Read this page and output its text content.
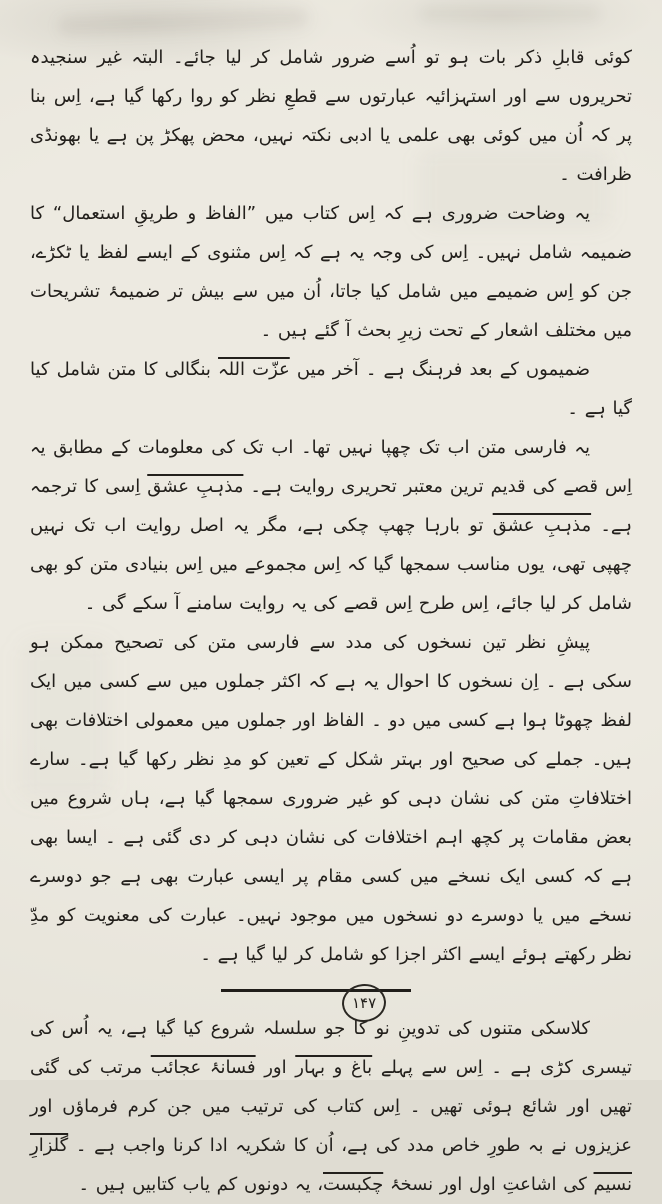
کوئی قابلِ ذکر بات ہو تو اُسے ضرور شامل کر لیا جائے۔ البتہ غیر سنجیدہ تحریروں سے اور استہزائیہ عبارتوں سے قطعِ نظر کو روا رکھا گیا ہے، اِس بنا پر کہ اُن میں کوئی بھی علمی یا ادبی نکتہ نہیں، محض پھکڑ پن ہے یا بھونڈی ظرافت ۔

یہ وضاحت ضروری ہے کہ اِس کتاب میں ”الفاظ و طریقِ استعمال“ کا ضمیمہ شامل نہیں۔ اِس کی وجہ یہ ہے کہ اِس مثنوی کے ایسے لفظ یا ٹکڑے، جن کو اِس ضمیمے میں شامل کیا جاتا، اُن میں سے بیش تر ضمیمۂ تشریحات میں مختلف اشعار کے تحت زیرِ بحث آ گئے ہیں ۔

ضمیموں کے بعد فرہنگ ہے ۔ آخر میں عزّت اللہ بنگالی کا متن شامل کیا گیا ہے ۔

یہ فارسی متن اب تک چھپا نہیں تھا۔ اب تک کی معلومات کے مطابق یہ اِس قصے کی قدیم ترین معتبر تحریری روایت ہے۔ مذہبِ عشق اِسی کا ترجمہ ہے۔ مذہبِ عشق تو بارہا چھپ چکی ہے، مگر یہ اصل روایت اب تک نہیں چھپی تھی، یوں مناسب سمجھا گیا کہ اِس مجموعے میں اِس بنیادی متن کو بھی شامل کر لیا جائے، اِس طرح اِس قصے کی یہ روایت سامنے آ سکے گی ۔

پیشِ نظر تین نسخوں کی مدد سے فارسی متن کی تصحیح ممکن ہو سکی ہے ۔ اِن نسخوں کا احوال یہ ہے کہ اکثر جملوں میں سے کسی میں ایک لفظ چھوٹا ہوا ہے کسی میں دو ۔ الفاظ اور جملوں میں معمولی اختلافات بھی ہیں۔ جملے کی صحیح اور بہتر شکل کے تعین کو مدِ نظر رکھا گیا ہے۔ سارے اختلافاتِ متن کی نشان دہی کو غیر ضروری سمجھا گیا ہے، ہاں شروع میں بعض مقامات پر کچھ اہم اختلافات کی نشان دہی کر دی گئی ہے ۔ ایسا بھی ہے کہ کسی ایک نسخے میں کسی مقام پر ایسی عبارت بھی ہے جو دوسرے نسخے میں یا دوسرے دو نسخوں میں موجود نہیں۔ عبارت کی معنویت کو مدِّ نظر رکھتے ہوئے ایسے اکثر اجزا کو شامل کر لیا گیا ہے ۔

کلاسکی متنوں کی تدوینِ نو کا جو سلسلہ شروع کیا گیا ہے، یہ اُس کی تیسری کڑی ہے ۔ اِس سے پہلے باغ و بہار اور فسانۂ عجائب مرتب کی گئی تھیں اور شائع ہوئی تھیں ۔ اِس کتاب کی ترتیب میں جن کرم فرماؤں اور عزیزوں نے بہ طورِ خاص مدد کی ہے، اُن کا شکریہ ادا کرنا واجب ہے ۔ گلزارِ نسیم کی اشاعتِ اول اور نسخۂ چکبست، یہ دونوں کم یاب کتابیں ہیں ۔

۱۴۷
